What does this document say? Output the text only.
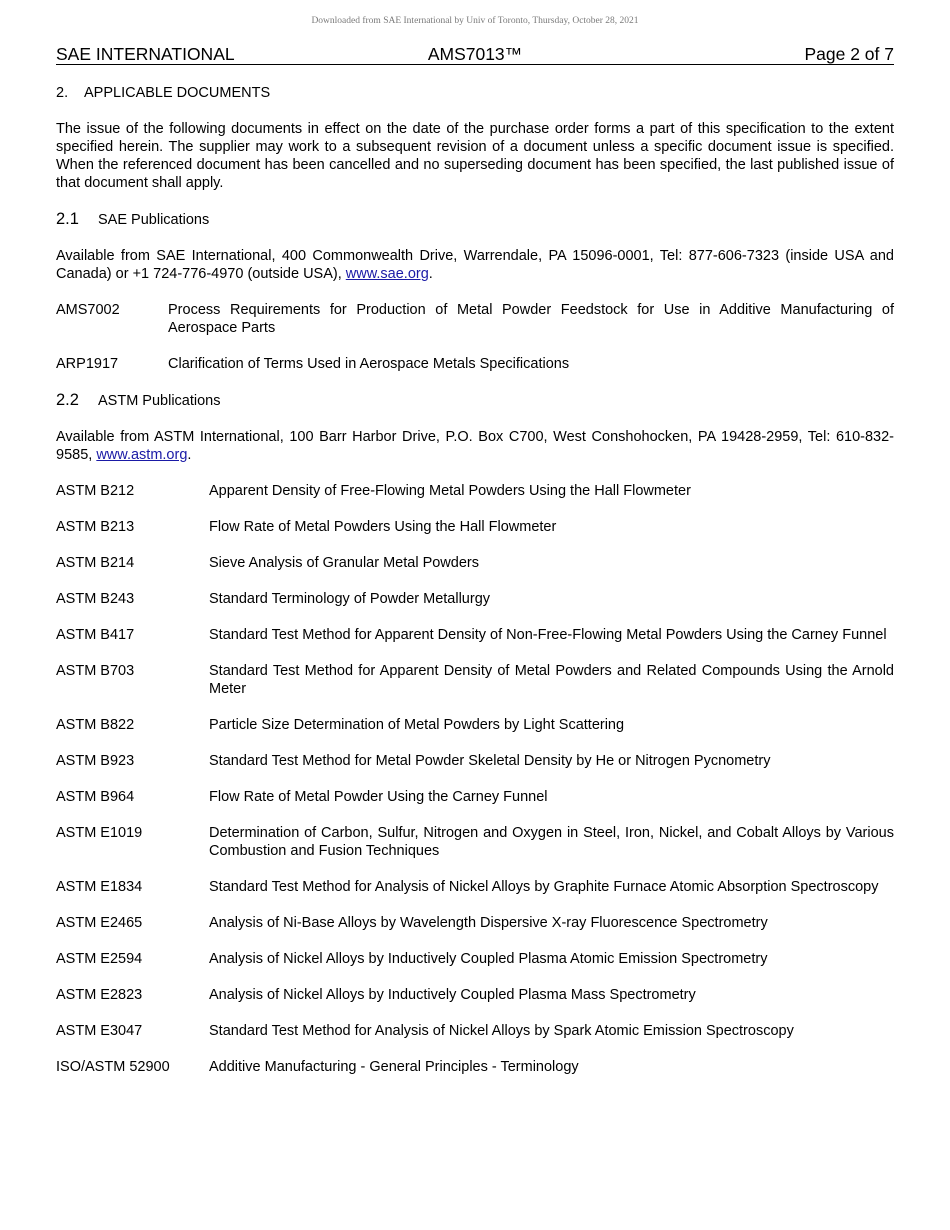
Downloaded from SAE International by Univ of Toronto, Thursday, October 28, 2021
SAE INTERNATIONAL	AMS7013™	Page 2 of 7
2. APPLICABLE DOCUMENTS

The issue of the following documents in effect on the date of the purchase order forms a part of this specification to the extent specified herein. The supplier may work to a subsequent revision of a document unless a specific document issue is specified. When the referenced document has been cancelled and no superseding document has been specified, the last published issue of that document shall apply.

2.1 SAE Publications

Available from SAE International, 400 Commonwealth Drive, Warrendale, PA 15096-0001, Tel: 877-606-7323 (inside USA and Canada) or +1 724-776-4970 (outside USA), www.sae.org.

AMS7002	Process Requirements for Production of Metal Powder Feedstock for Use in Additive Manufacturing of Aerospace Parts
ARP1917	Clarification of Terms Used in Aerospace Metals Specifications
2.2 ASTM Publications

Available from ASTM International, 100 Barr Harbor Drive, P.O. Box C700, West Conshohocken, PA 19428-2959, Tel: 610-832-9585, www.astm.org.

ASTM B212	Apparent Density of Free-Flowing Metal Powders Using the Hall Flowmeter
ASTM B213	Flow Rate of Metal Powders Using the Hall Flowmeter
ASTM B214	Sieve Analysis of Granular Metal Powders
ASTM B243	Standard Terminology of Powder Metallurgy
ASTM B417	Standard Test Method for Apparent Density of Non-Free-Flowing Metal Powders Using the Carney Funnel
ASTM B703	Standard Test Method for Apparent Density of Metal Powders and Related Compounds Using the Arnold Meter
ASTM B822	Particle Size Determination of Metal Powders by Light Scattering
ASTM B923	Standard Test Method for Metal Powder Skeletal Density by He or Nitrogen Pycnometry
ASTM B964	Flow Rate of Metal Powder Using the Carney Funnel
ASTM E1019	Determination of Carbon, Sulfur, Nitrogen and Oxygen in Steel, Iron, Nickel, and Cobalt Alloys by Various Combustion and Fusion Techniques
ASTM E1834	Standard Test Method for Analysis of Nickel Alloys by Graphite Furnace Atomic Absorption Spectroscopy
ASTM E2465	Analysis of Ni-Base Alloys by Wavelength Dispersive X-ray Fluorescence Spectrometry
ASTM E2594	Analysis of Nickel Alloys by Inductively Coupled Plasma Atomic Emission Spectrometry
ASTM E2823	Analysis of Nickel Alloys by Inductively Coupled Plasma Mass Spectrometry
ASTM E3047	Standard Test Method for Analysis of Nickel Alloys by Spark Atomic Emission Spectroscopy
ISO/ASTM 52900	Additive Manufacturing - General Principles - Terminology
